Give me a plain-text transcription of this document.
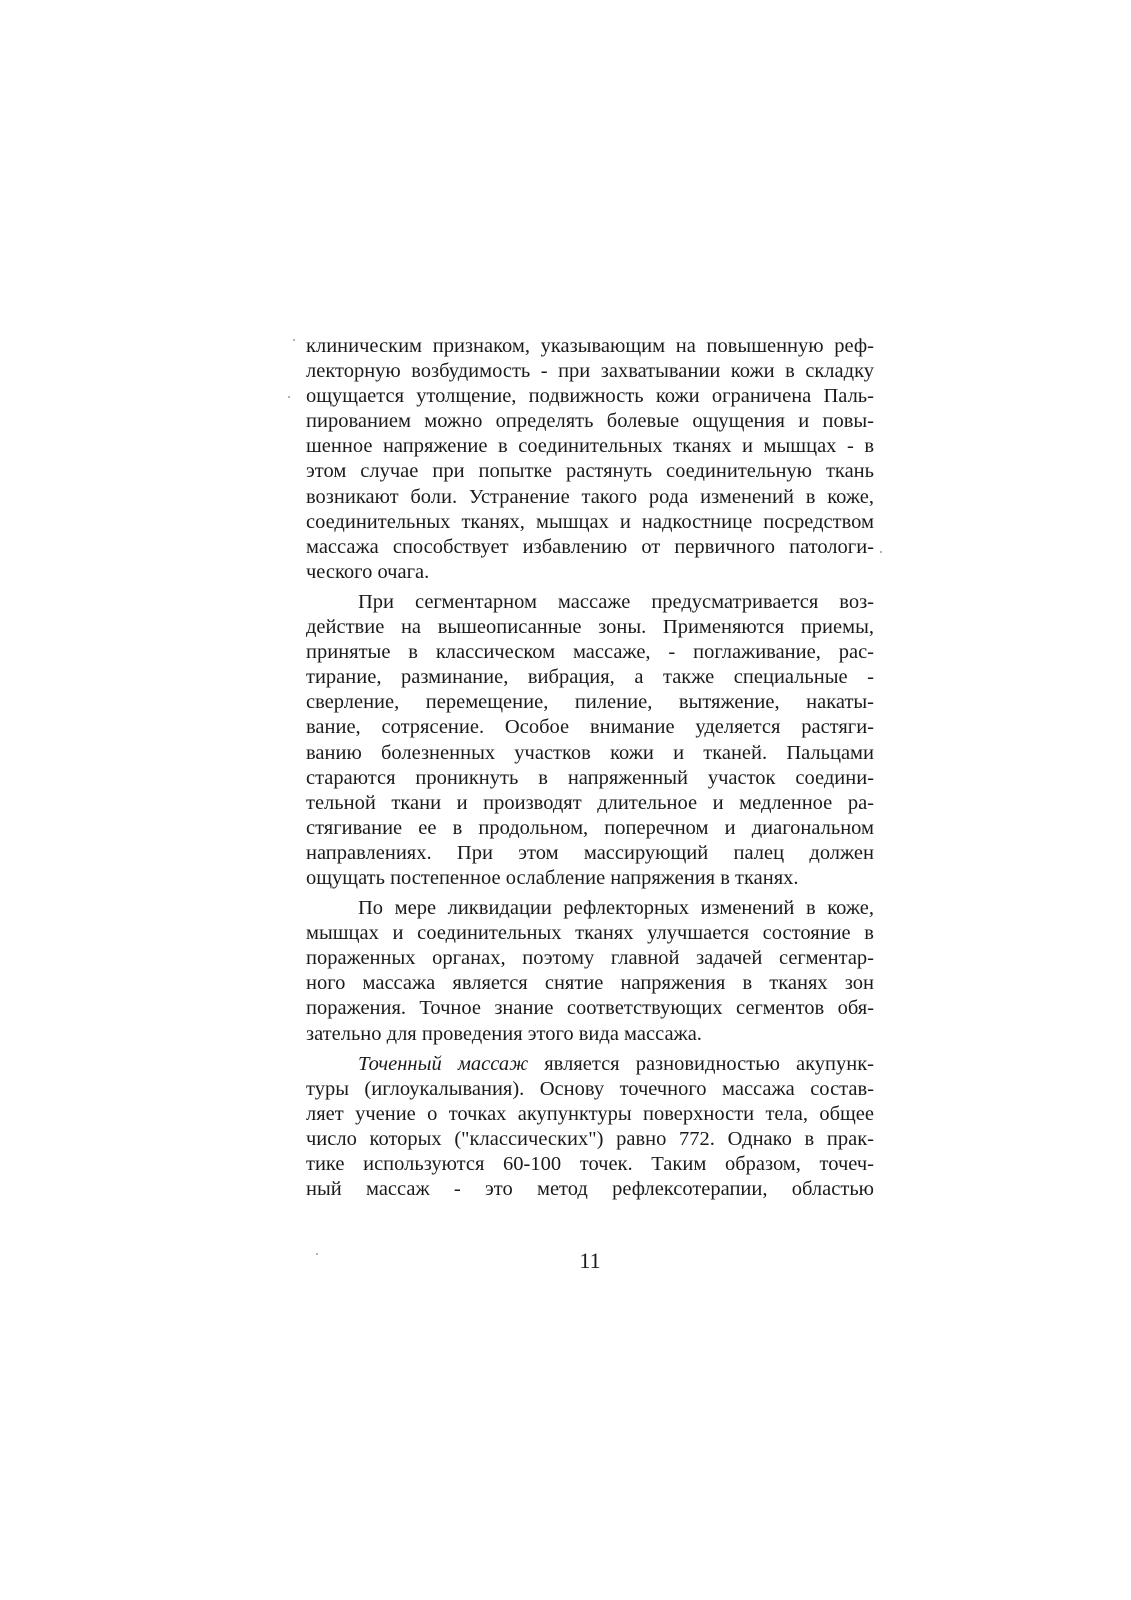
клиническим признаком, указывающим на повышенную реф-
лекторную возбудимость - при захватывании кожи в складку
ощущается утолщение, подвижность кожи ограничена Паль-
пированием можно определять болевые ощущения и повы-
шенное напряжение в соединительных тканях и мышцах - в
этом случае при попытке растянуть соединительную ткань
возникают боли. Устранение такого рода изменений в коже,
соединительных тканях, мышцах и надкостнице посредством
массажа способствует избавлению от первичного патологи-
ческого очага.
При сегментарном массаже предусматривается воз-
действие на вышеописанные зоны. Применяются приемы,
принятые в классическом массаже, - поглаживание, рас-
тирание, разминание, вибрация, а также специальные -
сверление, перемещение, пиление, вытяжение, накаты-
вание, сотрясение. Особое внимание уделяется растяги-
ванию болезненных участков кожи и тканей. Пальцами
стараются проникнуть в напряженный участок соедини-
тельной ткани и производят длительное и медленное ра-
стягивание ее в продольном, поперечном и диагональном
направлениях. При этом массирующий палец должен
ощущать постепенное ослабление напряжения в тканях.
По мере ликвидации рефлекторных изменений в коже,
мышцах и соединительных тканях улучшается состояние в
пораженных органах, поэтому главной задачей сегментар-
ного массажа является снятие напряжения в тканях зон
поражения. Точное знание соответствующих сегментов обя-
зательно для проведения этого вида массажа.
Точенный массаж является разновидностью акупунк-
туры (иглоукалывания). Основу точечного массажа состав-
ляет учение о точках акупунктуры поверхности тела, общее
число которых ("классических") равно 772. Однако в прак-
тике используются 60-100 точек. Таким образом, точеч-
ный массаж - это метод рефлексотерапии, областью
11
